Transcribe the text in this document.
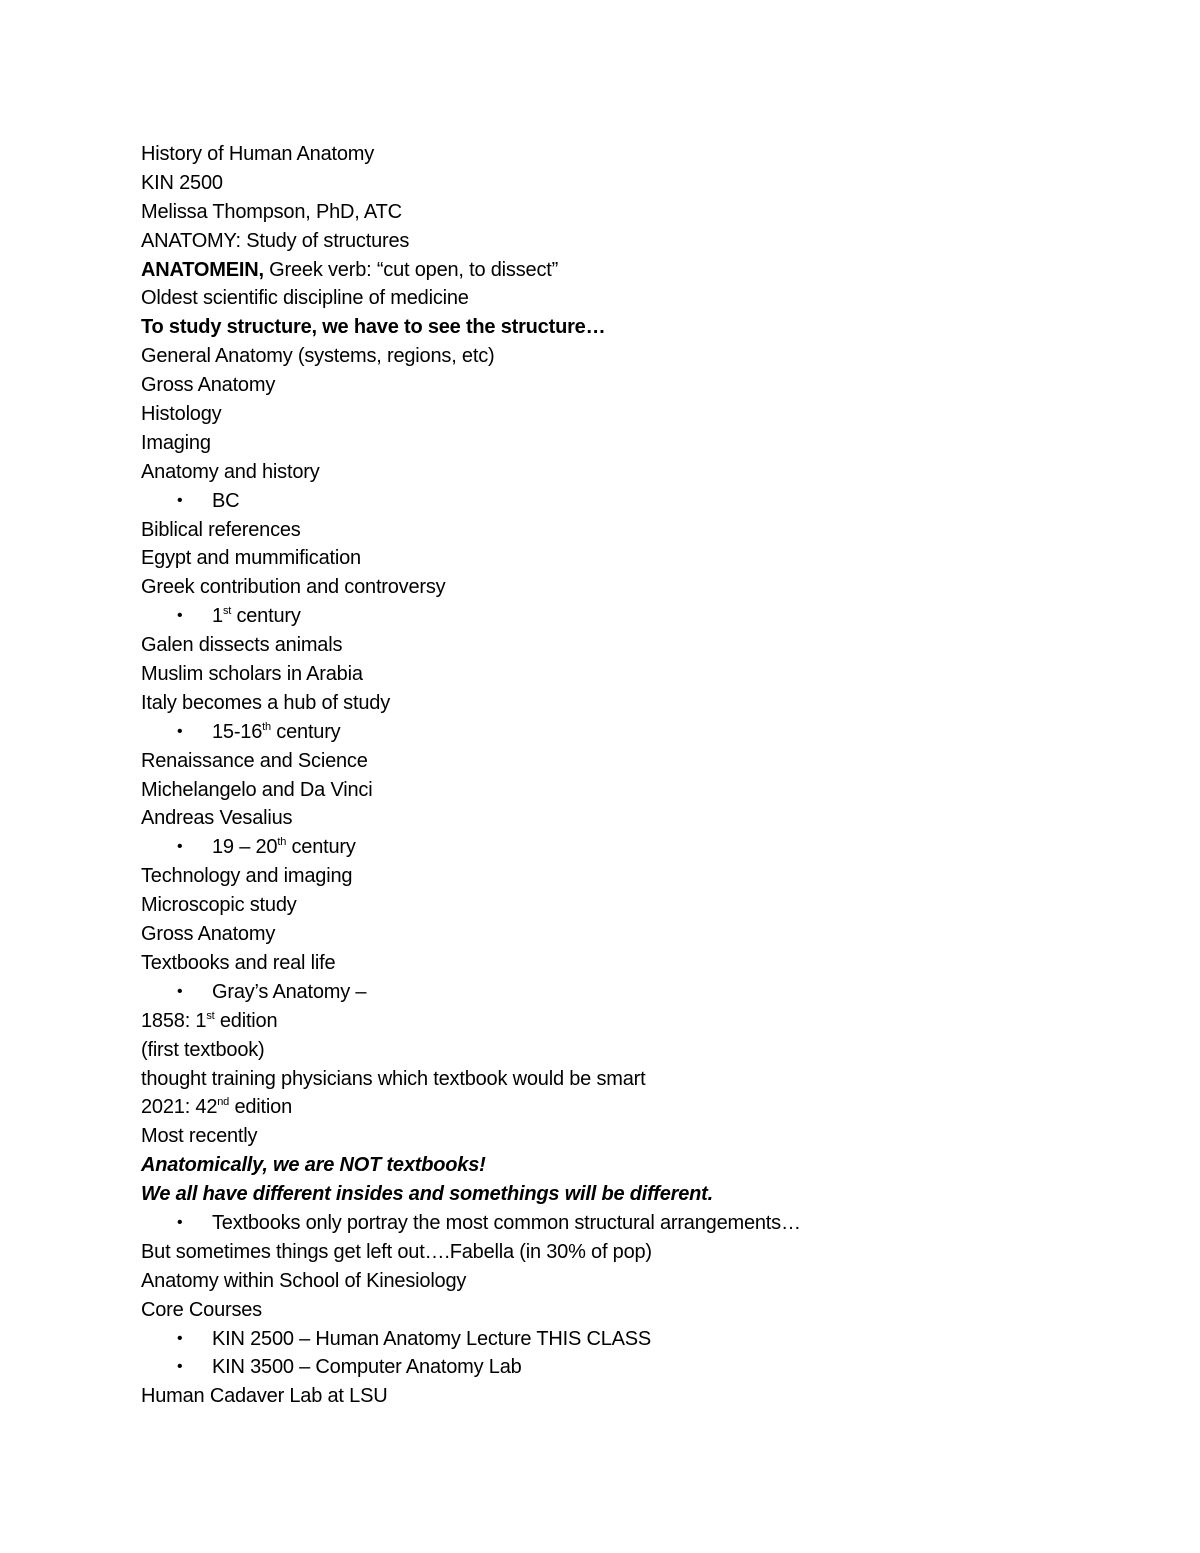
History of Human Anatomy
KIN 2500
Melissa Thompson, PhD, ATC
ANATOMY: Study of structures
ANATOMEIN, Greek verb: “cut open, to dissect”
Oldest scientific discipline of medicine
To study structure, we have to see the structure…
General Anatomy (systems, regions, etc)
Gross Anatomy
Histology
Imaging
Anatomy and history
• BC
Biblical references
Egypt and mummification
Greek contribution and controversy
• 1st century
Galen dissects animals
Muslim scholars in Arabia
Italy becomes a hub of study
• 15-16th century
Renaissance and Science
Michelangelo and Da Vinci
Andreas Vesalius
• 19 – 20th century
Technology and imaging
Microscopic study
Gross Anatomy
Textbooks and real life
• Gray’s Anatomy –
1858: 1st edition
(first textbook)
thought training physicians which textbook would be smart
2021: 42nd edition
Most recently
Anatomically, we are NOT textbooks!
We all have different insides and somethings will be different.
• Textbooks only portray the most common structural arrangements…
But sometimes things get left out….Fabella (in 30% of pop)
Anatomy within School of Kinesiology
Core Courses
• KIN 2500 – Human Anatomy Lecture THIS CLASS
• KIN 3500 – Computer Anatomy Lab
Human Cadaver Lab at LSU
